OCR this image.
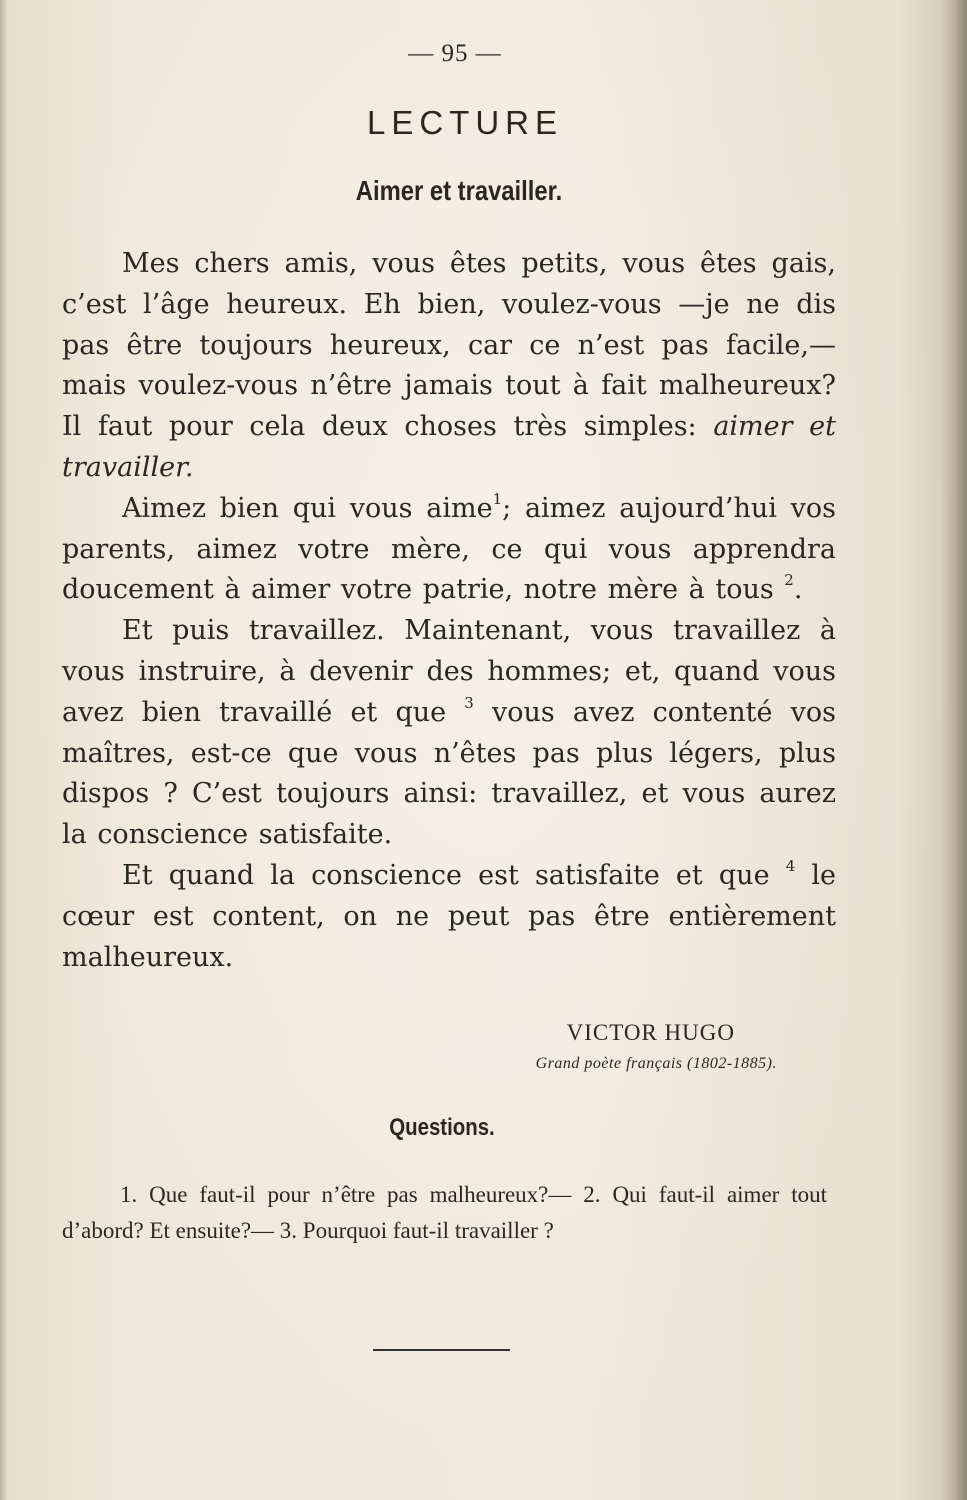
— 95 —
LECTURE
Aimer et travailler.

Mes chers amis, vous êtes petits, vous êtes gais, c’est l’âge heureux. Eh bien, voulez-vous —je ne dis pas être toujours heureux, car ce n’est pas facile,—mais voulez-vous n’être jamais tout à fait malheureux? Il faut pour cela deux choses très simples: aimer et travailler.

Aimez bien qui vous aime$^1$; aimez aujourd’hui vos parents, aimez votre mère, ce qui vous apprendra doucement à aimer votre patrie, notre mère à tous $^2$.

Et puis travaillez. Maintenant, vous travaillez à vous instruire, à devenir des hommes; et, quand vous avez bien travaillé et que $^3$ vous avez contenté vos maîtres, est-ce que vous n’êtes pas plus légers, plus dispos ? C’est toujours ainsi: travaillez, et vous aurez la conscience satisfaite.

Et quand la conscience est satisfaite et que $^4$ le cœur est content, on ne peut pas être entièrement malheureux.

VICTOR HUGO
Grand poète français (1802-1885).
Questions.

1. Que faut-il pour n’être pas malheureux?— 2. Qui faut-il aimer tout d’abord? Et ensuite?— 3. Pourquoi faut-il travailler ?
